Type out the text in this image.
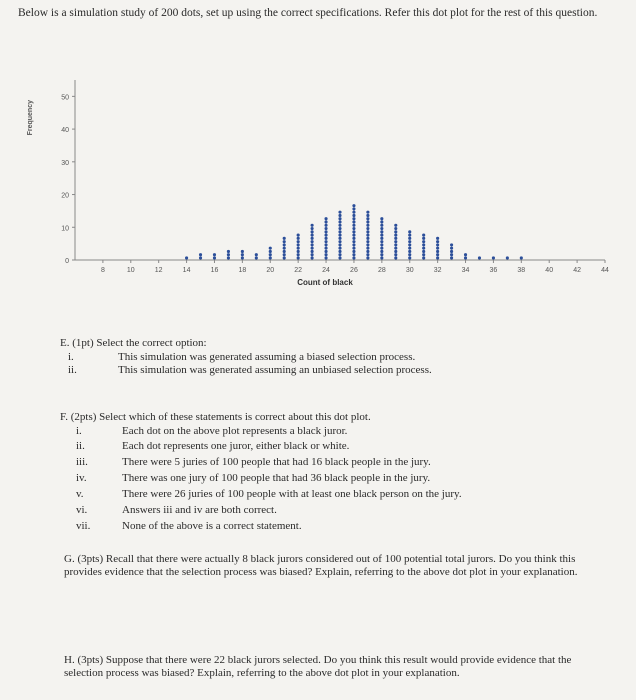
Below is a simulation study of 200 dots, set up using the correct specifications. Refer this dot plot for the rest of this question.
0
10
20
30
40
50
8	10	12	14	16	18	20	22	24	26	28	30	32	34	36	38	40	42	44
Frequency
Count of black
E. (1pt) Select the correct option:
i.	This simulation was generated assuming a biased selection process.
ii.	This simulation was generated assuming an unbiased selection process.
F. (2pts) Select which of these statements is correct about this dot plot.
i.	Each dot on the above plot represents a black juror.
ii.	Each dot represents one juror, either black or white.
iii.	There were 5 juries of 100 people that had 16 black people in the jury.
iv.	There was one jury of 100 people that had 36 black people in the jury.
v.	There were 26 juries of 100 people with at least one black person on the jury.
vi.	Answers iii and iv are both correct.
vii.	None of the above is a correct statement.
G. (3pts) Recall that there were actually 8 black jurors considered out of 100 potential total jurors. Do you think this provides evidence that the selection process was biased? Explain, referring to the above dot plot in your explanation.
H. (3pts) Suppose that there were 22 black jurors selected. Do you think this result would provide evidence that the selection process was biased? Explain, referring to the above dot plot in your explanation.
